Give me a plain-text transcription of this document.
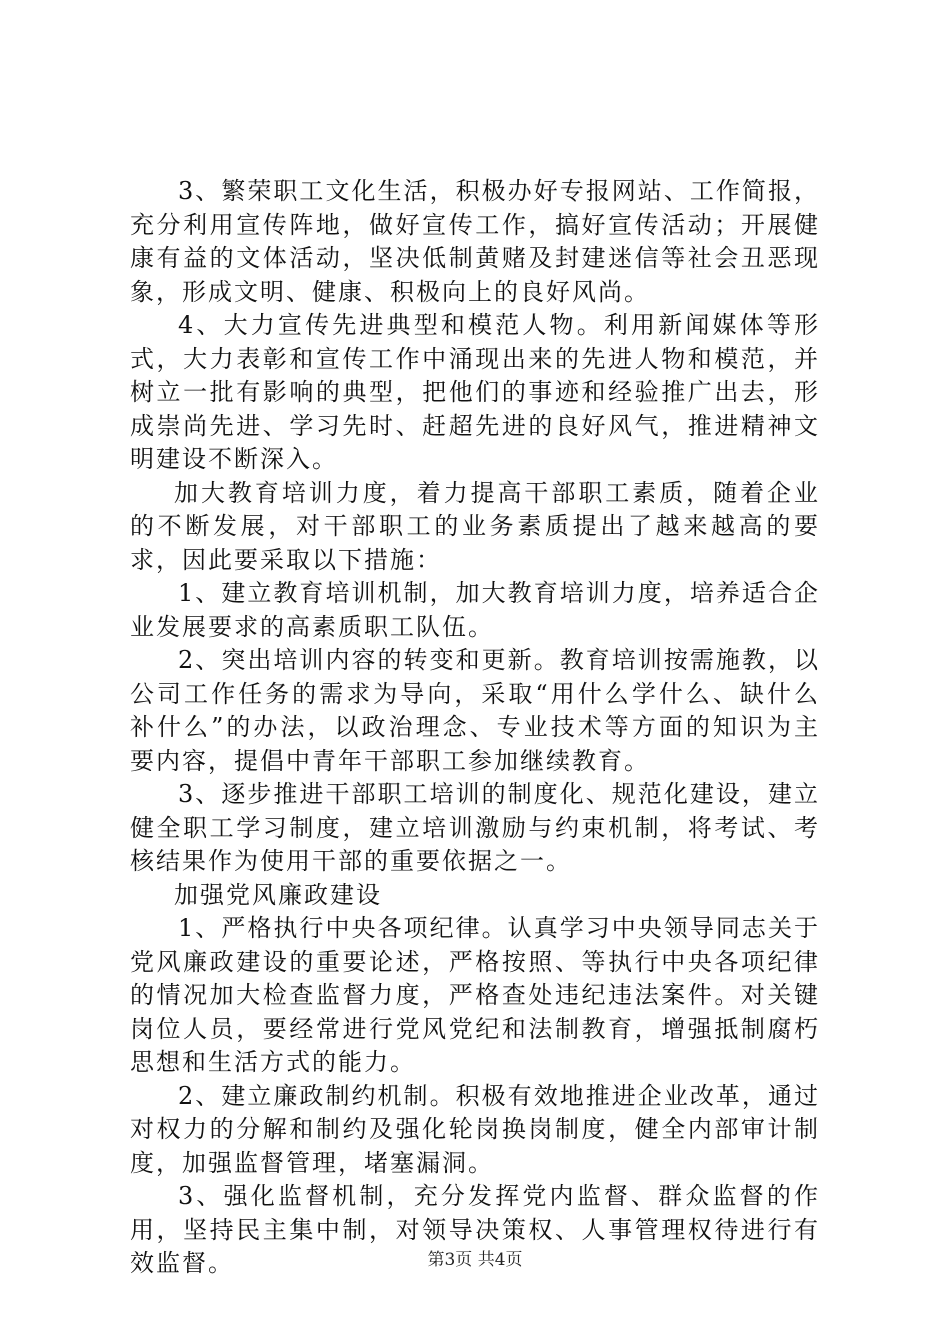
3、繁荣职工文化生活，积极办好专报网站、工作简报，充分利用宣传阵地，做好宣传工作，搞好宣传活动；开展健康有益的文体活动，坚决低制黄赌及封建迷信等社会丑恶现象，形成文明、健康、积极向上的良好风尚。

4、大力宣传先进典型和模范人物。利用新闻媒体等形式，大力表彰和宣传工作中涌现出来的先进人物和模范，并树立一批有影响的典型，把他们的事迹和经验推广出去，形成崇尚先进、学习先时、赶超先进的良好风气，推进精神文明建设不断深入。

加大教育培训力度，着力提高干部职工素质，随着企业的不断发展，对干部职工的业务素质提出了越来越高的要求，因此要采取以下措施：

1、建立教育培训机制，加大教育培训力度，培养适合企业发展要求的高素质职工队伍。

2、突出培训内容的转变和更新。教育培训按需施教，以公司工作任务的需求为导向，采取“用什么学什么、缺什么补什么”的办法，以政治理念、专业技术等方面的知识为主要内容，提倡中青年干部职工参加继续教育。

3、逐步推进干部职工培训的制度化、规范化建设，建立健全职工学习制度，建立培训激励与约束机制，将考试、考核结果作为使用干部的重要依据之一。

加强党风廉政建设

1、严格执行中央各项纪律。认真学习中央领导同志关于党风廉政建设的重要论述，严格按照、等执行中央各项纪律的情况加大检查监督力度，严格查处违纪违法案件。对关键岗位人员，要经常进行党风党纪和法制教育，增强抵制腐朽思想和生活方式的能力。

2、建立廉政制约机制。积极有效地推进企业改革，通过对权力的分解和制约及强化轮岗换岗制度，健全内部审计制度，加强监督管理，堵塞漏洞。

3、强化监督机制，充分发挥党内监督、群众监督的作用，坚持民主集中制，对领导决策权、人事管理权待进行有效监督。	第3页 共4页
